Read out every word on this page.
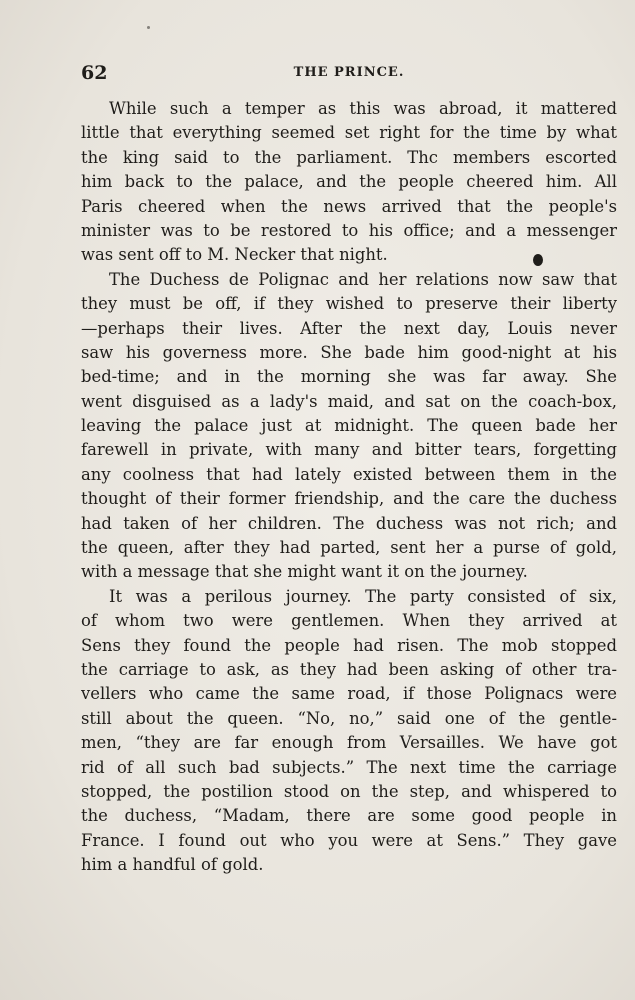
62	THE PRINCE.
While such a temper as this was abroad, it mattered
little that everything seemed set right for the time by what
the king said to the parliament. Thc members escorted
him back to the palace, and the people cheered him. All
Paris cheered when the news arrived that the people's
minister was to be restored to his office; and a messenger
was sent off to M. Necker that night.
The Duchess de Polignac and her relations now saw that
they must be off, if they wished to preserve their liberty
—perhaps their lives. After the next day, Louis never
saw his governess more. She bade him good-night at his
bed-time; and in the morning she was far away. She
went disguised as a lady's maid, and sat on the coach-box,
leaving the palace just at midnight. The queen bade her
farewell in private, with many and bitter tears, forgetting
any coolness that had lately existed between them in the
thought of their former friendship, and the care the duchess
had taken of her children. The duchess was not rich; and
the queen, after they had parted, sent her a purse of gold,
with a message that she might want it on the journey.
It was a perilous journey. The party consisted of six,
of whom two were gentlemen. When they arrived at
Sens they found the people had risen. The mob stopped
the carriage to ask, as they had been asking of other tra-
vellers who came the same road, if those Polignacs were
still about the queen. “No, no,” said one of the gentle-
men, “they are far enough from Versailles. We have got
rid of all such bad subjects.” The next time the carriage
stopped, the postilion stood on the step, and whispered to
the duchess, “Madam, there are some good people in
France. I found out who you were at Sens.” They gave
him a handful of gold.
